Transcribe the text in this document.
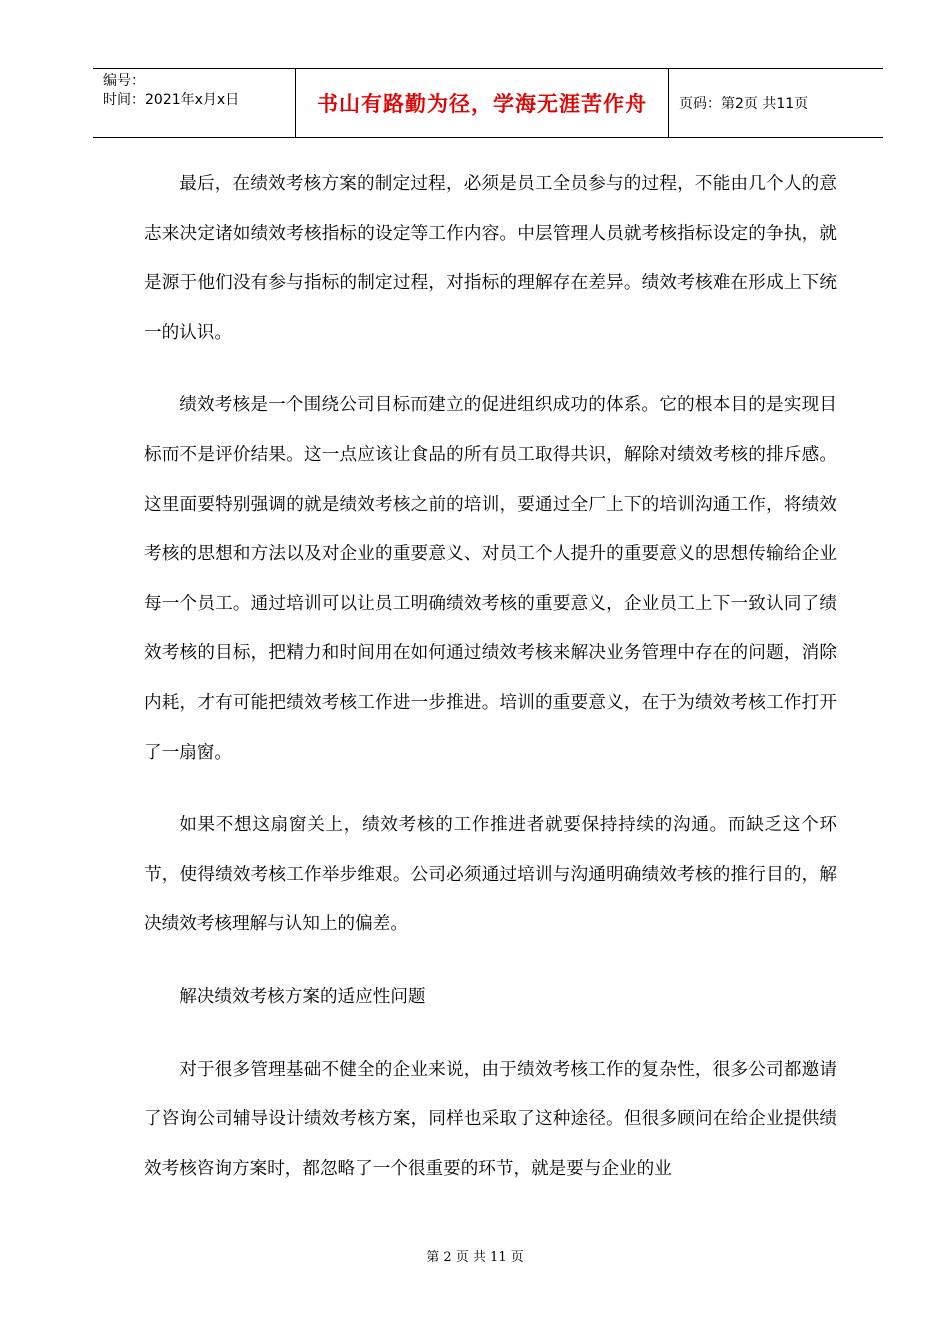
编号：
时间：2021年x月x日	书山有路勤为径，学海无涯苦作舟 页码：第2页 共11页

最后，在绩效考核方案的制定过程，必须是员工全员参与的过程，不能由几个人的意志来决定诸如绩效考核指标的设定等工作内容。中层管理人员就考核指标设定的争执，就是源于他们没有参与指标的制定过程，对指标的理解存在差异。绩效考核难在形成上下统一的认识。

绩效考核是一个围绕公司目标而建立的促进组织成功的体系。它的根本目的是实现目标而不是评价结果。这一点应该让食品的所有员工取得共识，解除对绩效考核的排斥感。这里面要特别强调的就是绩效考核之前的培训，要通过全厂上下的培训沟通工作，将绩效考核的思想和方法以及对企业的重要意义、对员工个人提升的重要意义的思想传输给企业每一个员工。通过培训可以让员工明确绩效考核的重要意义，企业员工上下一致认同了绩效考核的目标，把精力和时间用在如何通过绩效考核来解决业务管理中存在的问题，消除内耗，才有可能把绩效考核工作进一步推进。培训的重要意义，在于为绩效考核工作打开了一扇窗。

如果不想这扇窗关上，绩效考核的工作推进者就要保持持续的沟通。而缺乏这个环节，使得绩效考核工作举步维艰。公司必须通过培训与沟通明确绩效考核的推行目的，解决绩效考核理解与认知上的偏差。

解决绩效考核方案的适应性问题

对于很多管理基础不健全的企业来说，由于绩效考核工作的复杂性，很多公司都邀请了咨询公司辅导设计绩效考核方案，同样也采取了这种途径。但很多顾问在给企业提供绩效考核咨询方案时，都忽略了一个很重要的环节，就是要与企业的业

第 2 页 共 11 页
